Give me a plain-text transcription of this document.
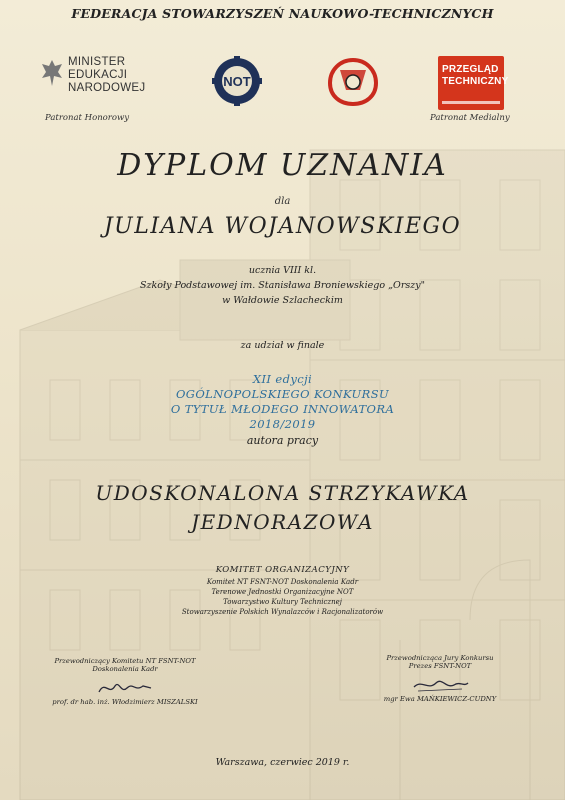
FEDERACJA STOWARZYSZEŃ NAUKOWO-TECHNICZNYCH

MINISTER
EDUKACJI
NARODOWEJ	NOT
PRZEGLĄD
TECHNICZNY
Patronat Honorowy	Patronat Medialny

DYPLOM UZNANIA

dla

JULIANA WOJANOWSKIEGO

ucznia VIII kl.

Szkoły Podstawowej im. Stanisława Broniewskiego „Orszy"

w Wałdowie Szlacheckim

za udział w finale

XII edycji

OGÓLNOPOLSKIEGO KONKURSU

O TYTUŁ MŁODEGO INNOWATORA

2018/2019

autora pracy

UDOSKONALONA STRZYKAWKA

JEDNORAZOWA

KOMITET ORGANIZACYJNY

Komitet NT FSNT-NOT Doskonalenia Kadr

Terenowe Jednostki Organizacyjne NOT

Towarzystwo Kultury Technicznej

Stowarzyszenie Polskich Wynalazców i Racjonalizatorów

Przewodniczący Komitetu NT FSNT-NOT
Doskonalenia Kadr
prof. dr hab. inż. Włodzimierz MISZALSKI
Przewodnicząca Jury Konkursu
Prezes FSNT-NOT
mgr Ewa MAŃKIEWICZ-CUDNY

Warszawa, czerwiec 2019 r.
